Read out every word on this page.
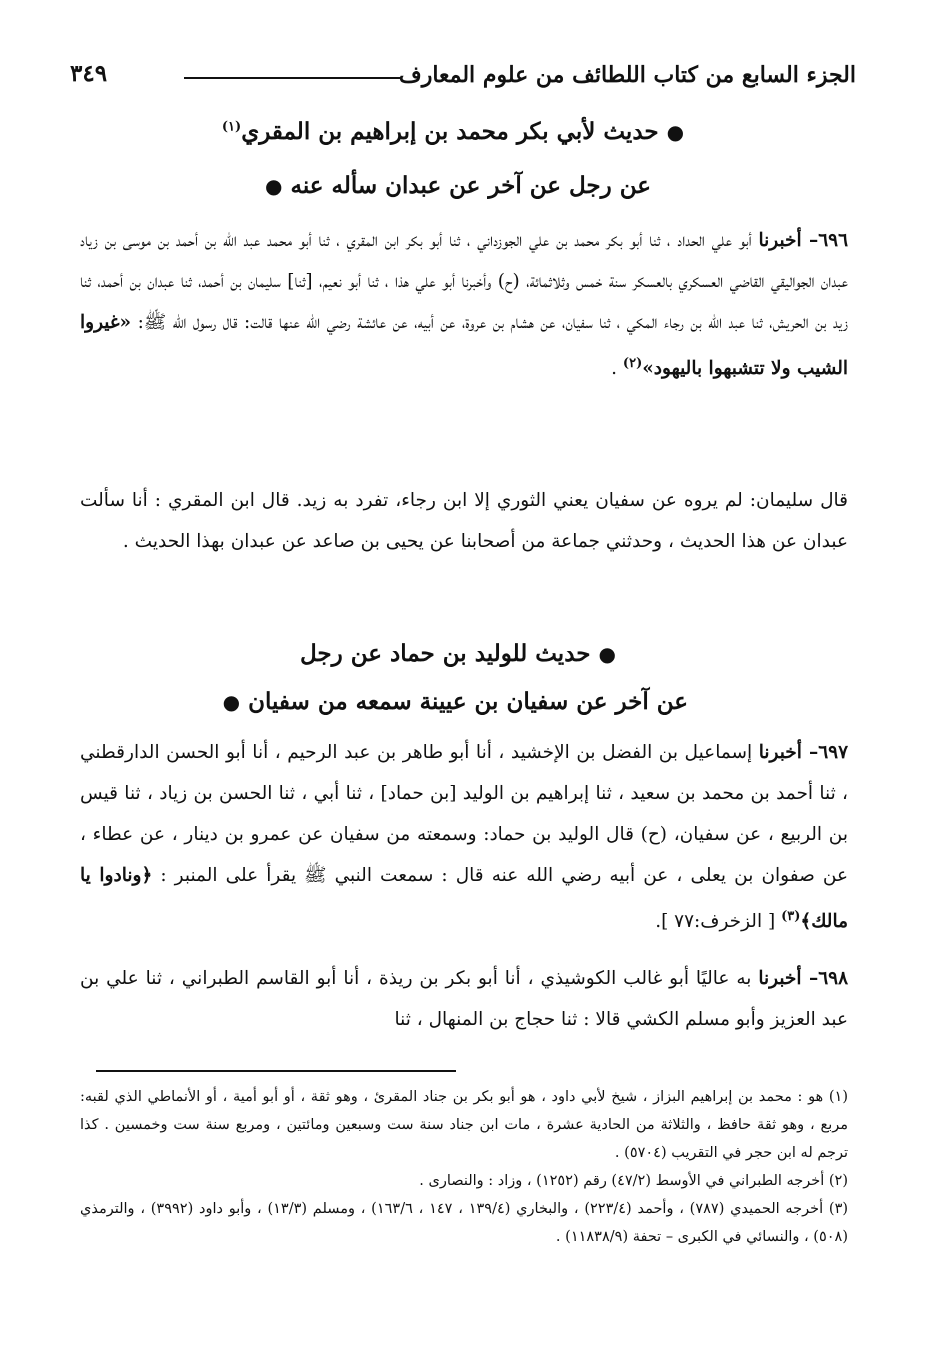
الجزء السابع من كتاب اللطائف من علوم المعارف
٣٤٩
● حديث لأبي بكر محمد بن إبراهيم بن المقري$^{(١)}$
عن رجل عن آخر عن عبدان سأله عنه ●
٦٩٦– أخبرنا أبو علي الحداد ، ثنا أبو بكر محمد بن علي الجوزداني ، ثنا أبو بكر ابن المقري ، ثنا أبو محمد عبد الله بن أحمد بن موسى بن زياد عبدان الجواليقي القاضي العسكري بالعسكر سنة خمس وثلاثمائة، (ح) وأخبرنا أبو علي هذا ، ثنا أبو نعيم، [ثنا] سليمان بن أحمد، ثنا عبدان بن أحمد، ثنا زيد بن الحريش، ثنا عبد الله بن رجاء المكي ، ثنا سفيان، عن هشام بن عروة، عن أبيه، عن عائشة رضي الله عنها قالت: قال رسول الله ﷺ: «غيروا الشيب ولا تتشبهوا باليهود»$^{(٢)}$ .
قال سليمان: لم يروه عن سفيان يعني الثوري إلا ابن رجاء، تفرد به زيد. قال ابن المقري : أنا سألت عبدان عن هذا الحديث ، وحدثني جماعة من أصحابنا عن يحيى بن صاعد عن عبدان بهذا الحديث .
● حديث للوليد بن حماد عن رجل
عن آخر عن سفيان بن عيينة سمعه من سفيان ●
٦٩٧– أخبرنا إسماعيل بن الفضل بن الإخشيد ، أنا أبو طاهر بن عبد الرحيم ، أنا أبو الحسن الدارقطني ، ثنا أحمد بن محمد بن سعيد ، ثنا إبراهيم بن الوليد [بن حماد] ، ثنا أبي ، ثنا الحسن بن زياد ، ثنا قيس بن الربيع ، عن سفيان، (ح) قال الوليد بن حماد: وسمعته من سفيان عن عمرو بن دينار ، عن عطاء ، عن صفوان بن يعلى ، عن أبيه رضي الله عنه قال : سمعت النبي ﷺ يقرأ على المنبر : ﴿ونادوا يا مالك﴾$^{(٣)}$ [ الزخرف:٧٧ ].
٦٩٨– أخبرنا به عاليًا أبو غالب الكوشيذي ، أنا أبو بكر بن ريذة ، أنا أبو القاسم الطبراني ، ثنا علي بن عبد العزيز وأبو مسلم الكشي قالا : ثنا حجاج بن المنهال ، ثنا

(١) هو : محمد بن إبراهيم البزاز ، شيخ لأبي داود ، هو أبو بكر بن جناد المقرئ ، وهو ثقة ، أو أبو أمية ، أو الأنماطي الذي لقبه: مربع ، وهو ثقة حافظ ، والثلاثة من الحادية عشرة ، مات ابن جناد سنة ست وسبعين ومائتين ، ومربع سنة ست وخمسين . كذا ترجم له ابن حجر في التقريب (٥٧٠٤) .

(٢) أخرجه الطبراني في الأوسط (٤٧/٢) رقم (١٢٥٢) ، وزاد : والنصارى .

(٣) أخرجه الحميدي (٧٨٧) ، وأحمد (٢٢٣/٤) ، والبخاري (١٣٩/٤ ، ١٤٧ ، ١٦٣/٦) ، ومسلم (١٣/٣) ، وأبو داود (٣٩٩٢) ، والترمذي (٥٠٨) ، والنسائي في الكبرى – تحفة (١١٨٣٨/٩) .
